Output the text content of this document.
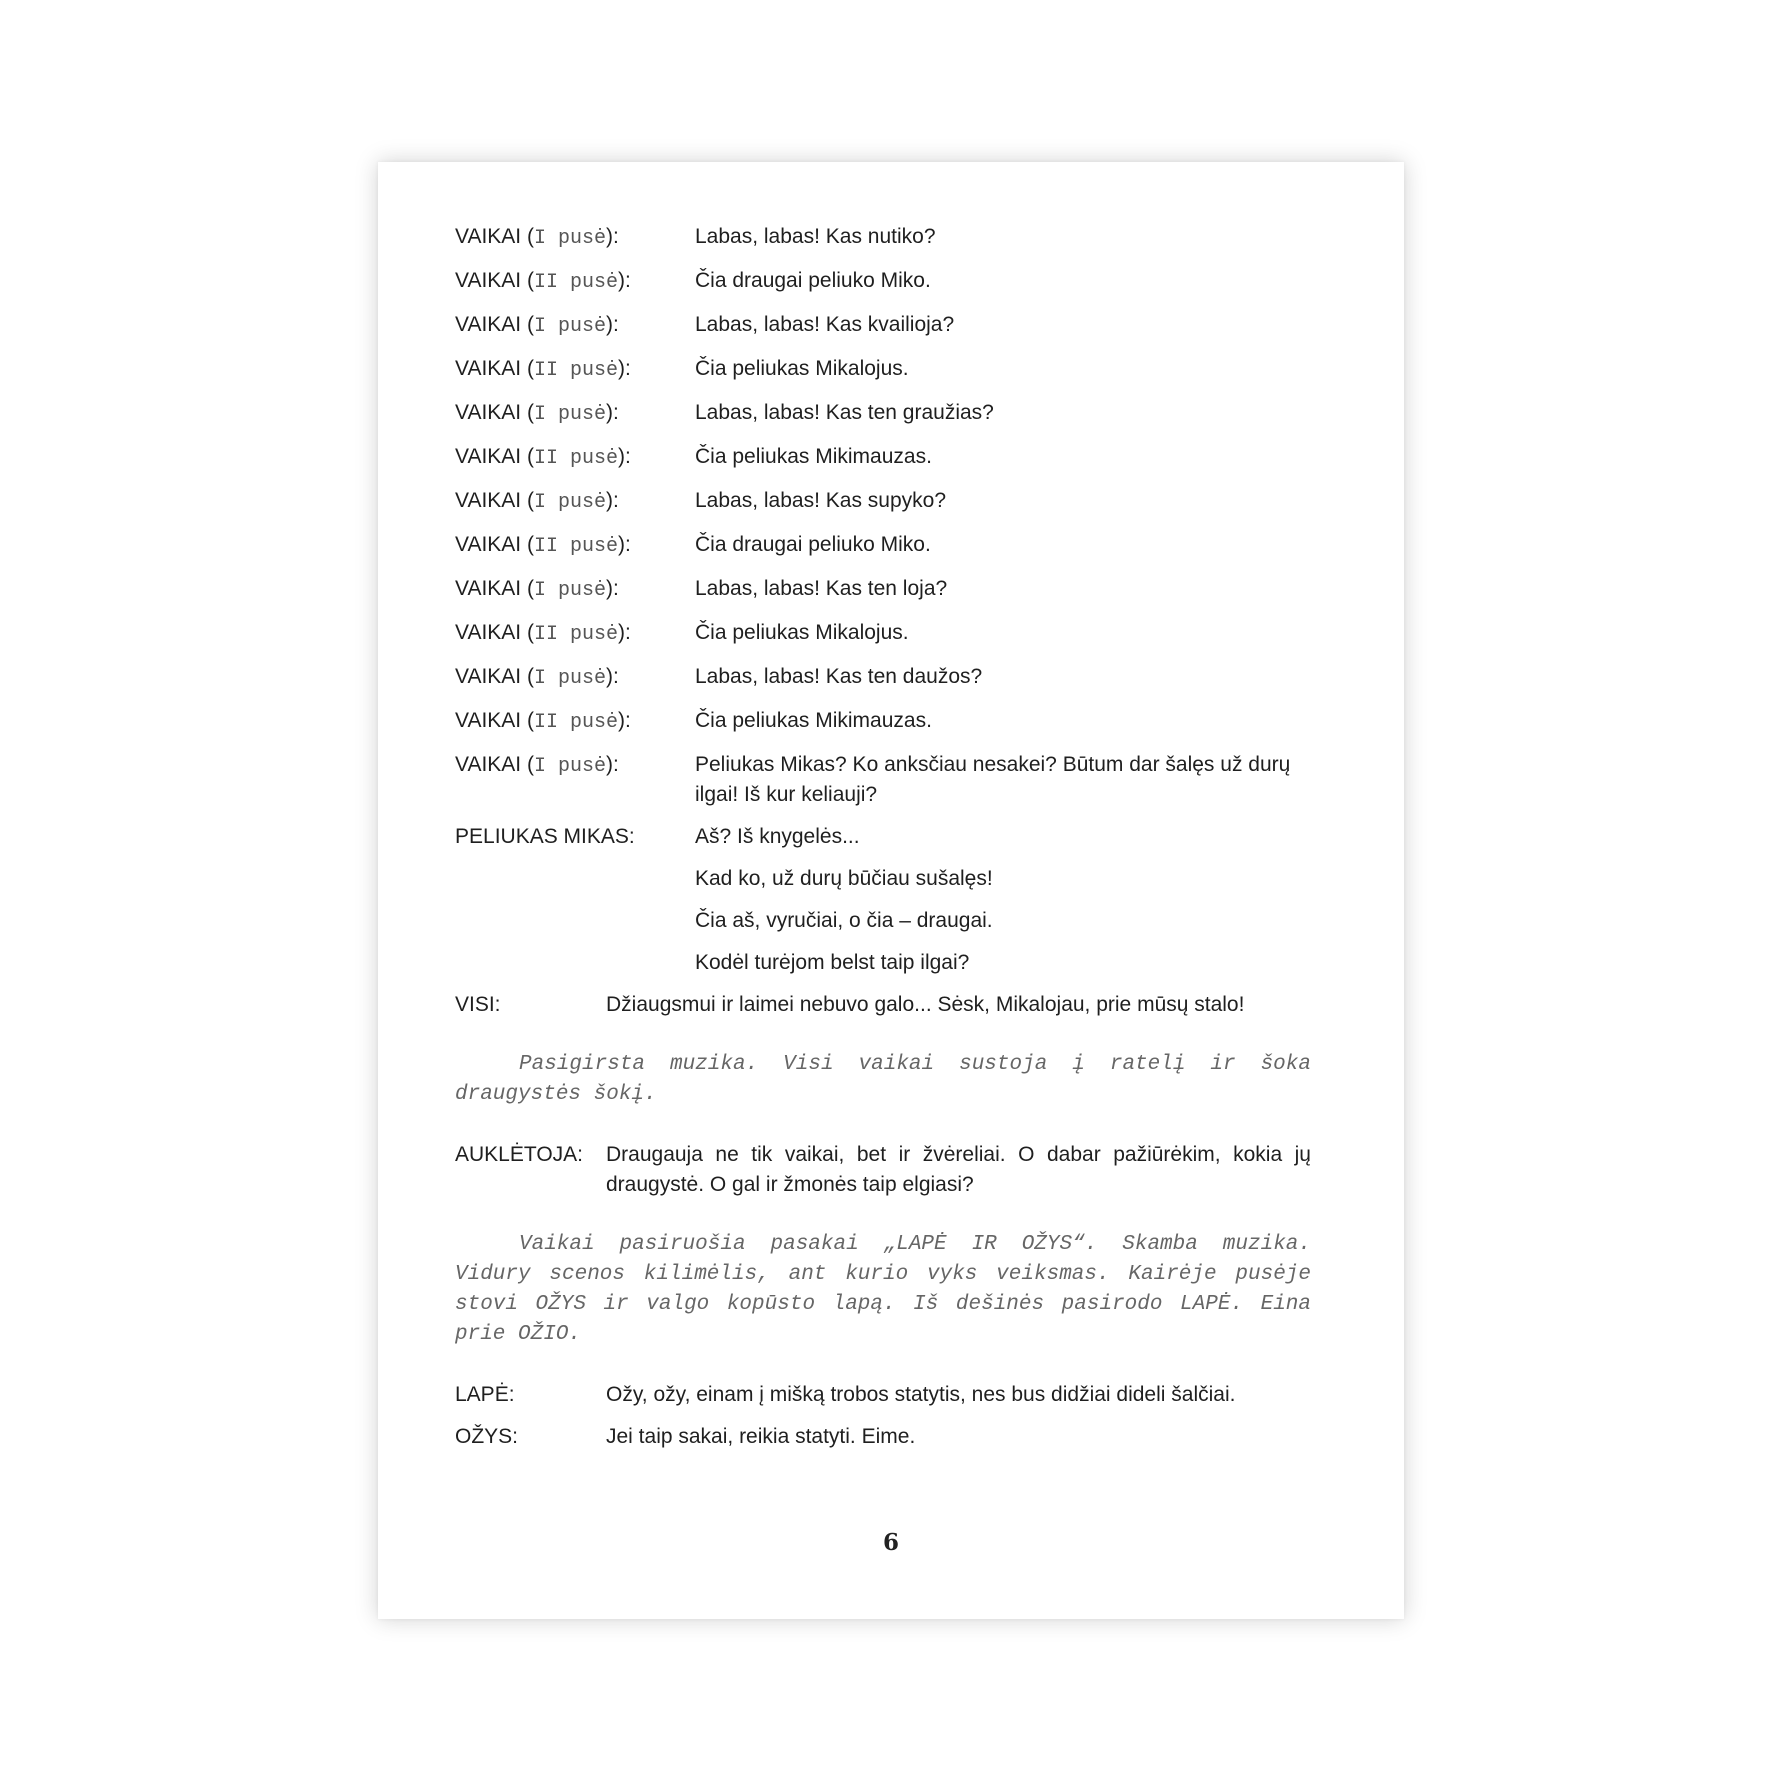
VAIKAI (I pusė):	Labas, labas! Kas nutiko?
VAIKAI (II pusė):	Čia draugai peliuko Miko.
VAIKAI (I pusė):	Labas, labas! Kas kvailioja?
VAIKAI (II pusė):	Čia peliukas Mikalojus.
VAIKAI (I pusė):	Labas, labas! Kas ten graužias?
VAIKAI (II pusė):	Čia peliukas Mikimauzas.
VAIKAI (I pusė):	Labas, labas! Kas supyko?
VAIKAI (II pusė):	Čia draugai peliuko Miko.
VAIKAI (I pusė):	Labas, labas! Kas ten loja?
VAIKAI (II pusė):	Čia peliukas Mikalojus.
VAIKAI (I pusė):	Labas, labas! Kas ten daužos?
VAIKAI (II pusė):	Čia peliukas Mikimauzas.
VAIKAI (I pusė):	Peliukas Mikas? Ko anksčiau nesakei? Būtum dar šalęs už durų ilgai! Iš kur keliauji?
PELIUKAS MIKAS:	Aš? Iš knygelės...
Kad ko, už durų būčiau sušalęs!
Čia aš, vyručiai, o čia – draugai.
Kodėl turėjom belst taip ilgai?
VISI:	Džiaugsmui ir laimei nebuvo galo... Sėsk, Mikalojau, prie mūsų stalo!
Pasigirsta muzika. Visi vaikai sustoja į ratelį ir šoka draugystės šokį.
AUKLĖTOJA:	Draugauja ne tik vaikai, bet ir žvėreliai. O dabar pažiūrėkim, kokia jų draugystė. O gal ir žmonės taip elgiasi?
Vaikai pasiruošia pasakai „LAPĖ IR OŽYS“. Skamba muzika. Vidury scenos kilimėlis, ant kurio vyks veiksmas. Kairėje pusėje stovi OŽYS ir valgo kopūsto lapą. Iš dešinės pasirodo LAPĖ. Eina prie OŽIO.
LAPĖ:	Ožy, ožy, einam į mišką trobos statytis, nes bus didžiai dideli šalčiai.
OŽYS:	Jei taip sakai, reikia statyti. Eime.
6
